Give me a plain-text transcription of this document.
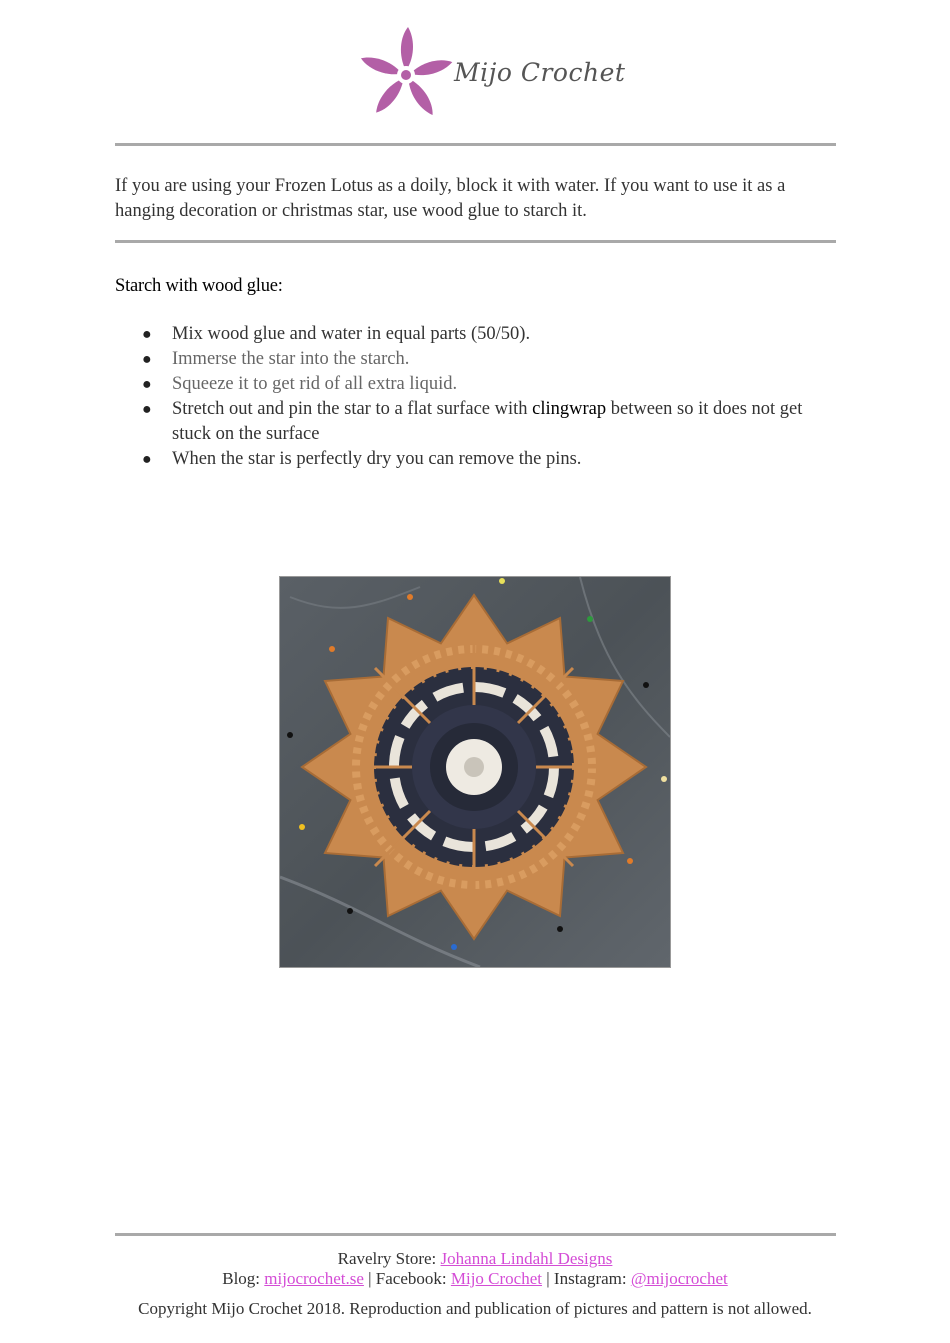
Mijo Crochet
If you are using your Frozen Lotus as a doily, block it with water. If you want to use it as a hanging decoration or christmas star, use wood glue to starch it.
Starch with wood glue:
● Mix wood glue and water in equal parts (50/50).
● Immerse the star into the starch.
● Squeeze it to get rid of all extra liquid.
● Stretch out and pin the star to a flat surface with clingwrap between so it does not get stuck on the surface
● When the star is perfectly dry you can remove the pins.
Ravelry Store: Johanna Lindahl Designs
Blog: mijocrochet.se | Facebook: Mijo Crochet | Instagram: @mijocrochet
Copyright Mijo Crochet 2018. Reproduction and publication of pictures and pattern is not allowed.
